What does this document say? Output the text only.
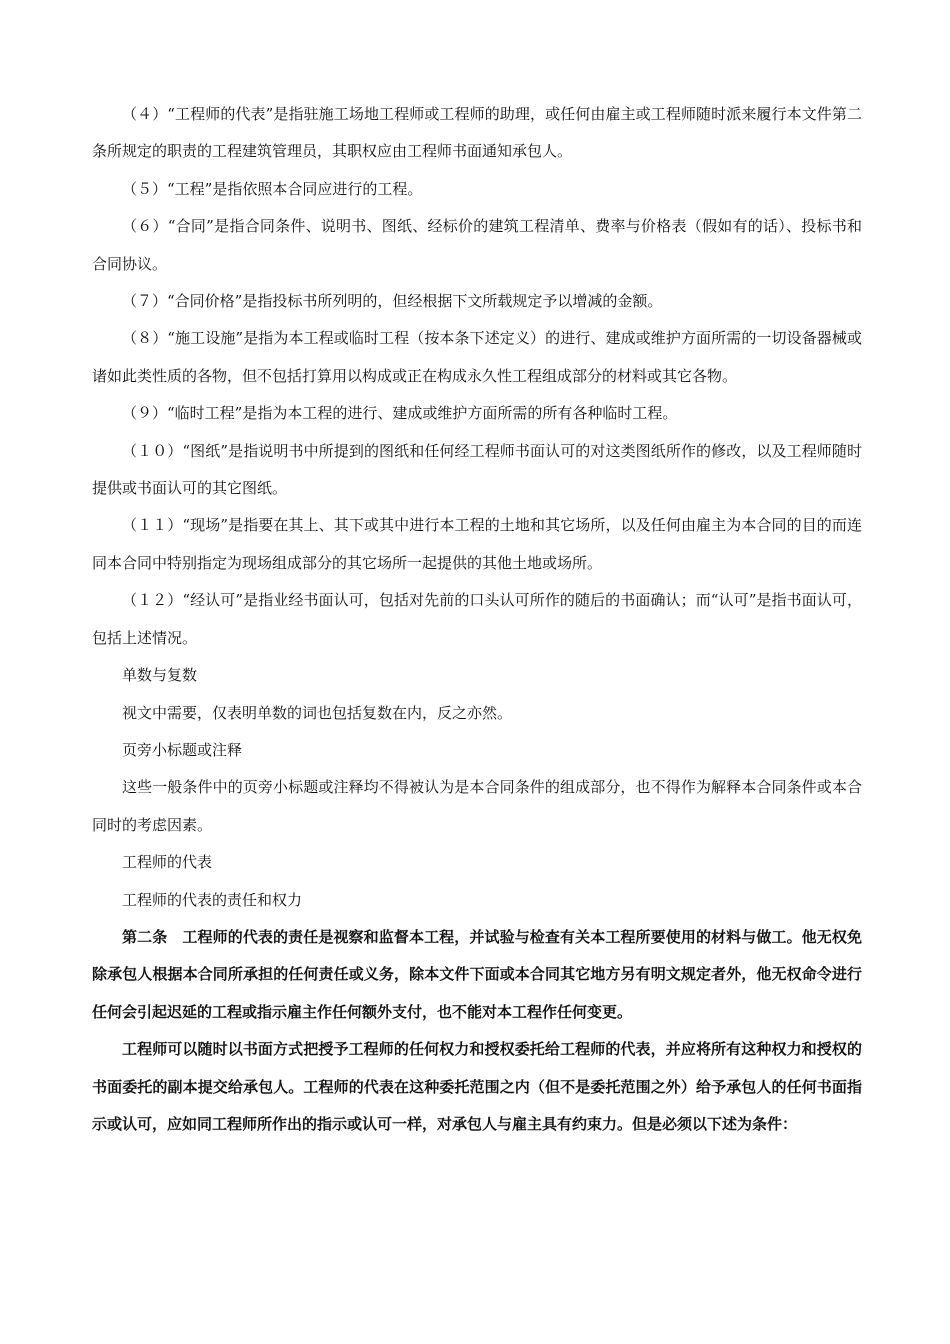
（４）“工程师的代表”是指驻施工场地工程师或工程师的助理，或任何由雇主或工程师随时派来履行本文件第二条所规定的职责的工程建筑管理员，其职权应由工程师书面通知承包人。

（５）“工程”是指依照本合同应进行的工程。

（６）“合同”是指合同条件、说明书、图纸、经标价的建筑工程清单、费率与价格表（假如有的话）、投标书和合同协议。

（７）“合同价格”是指投标书所列明的，但经根据下文所载规定予以增减的金额。

（８）“施工设施”是指为本工程或临时工程（按本条下述定义）的进行、建成或维护方面所需的一切设备器械或诸如此类性质的各物，但不包括打算用以构成或正在构成永久性工程组成部分的材料或其它各物。

（９）“临时工程”是指为本工程的进行、建成或维护方面所需的所有各种临时工程。

（１０）“图纸”是指说明书中所提到的图纸和任何经工程师书面认可的对这类图纸所作的修改，以及工程师随时提供或书面认可的其它图纸。

（１１）“现场”是指要在其上、其下或其中进行本工程的土地和其它场所，以及任何由雇主为本合同的目的而连同本合同中特别指定为现场组成部分的其它场所一起提供的其他土地或场所。

（１２）“经认可”是指业经书面认可，包括对先前的口头认可所作的随后的书面确认；而“认可”是指书面认可，包括上述情况。

单数与复数

视文中需要，仅表明单数的词也包括复数在内，反之亦然。

页旁小标题或注释

这些一般条件中的页旁小标题或注释均不得被认为是本合同条件的组成部分，也不得作为解释本合同条件或本合同时的考虑因素。

工程师的代表

工程师的代表的责任和权力

第二条　工程师的代表的责任是视察和监督本工程，并试验与检查有关本工程所要使用的材料与做工。他无权免除承包人根据本合同所承担的任何责任或义务，除本文件下面或本合同其它地方另有明文规定者外，他无权命令进行任何会引起迟延的工程或指示雇主作任何额外支付，也不能对本工程作任何变更。

工程师可以随时以书面方式把授予工程师的任何权力和授权委托给工程师的代表，并应将所有这种权力和授权的书面委托的副本提交给承包人。工程师的代表在这种委托范围之内（但不是委托范围之外）给予承包人的任何书面指示或认可，应如同工程师所作出的指示或认可一样，对承包人与雇主具有约束力。但是必须以下述为条件：
